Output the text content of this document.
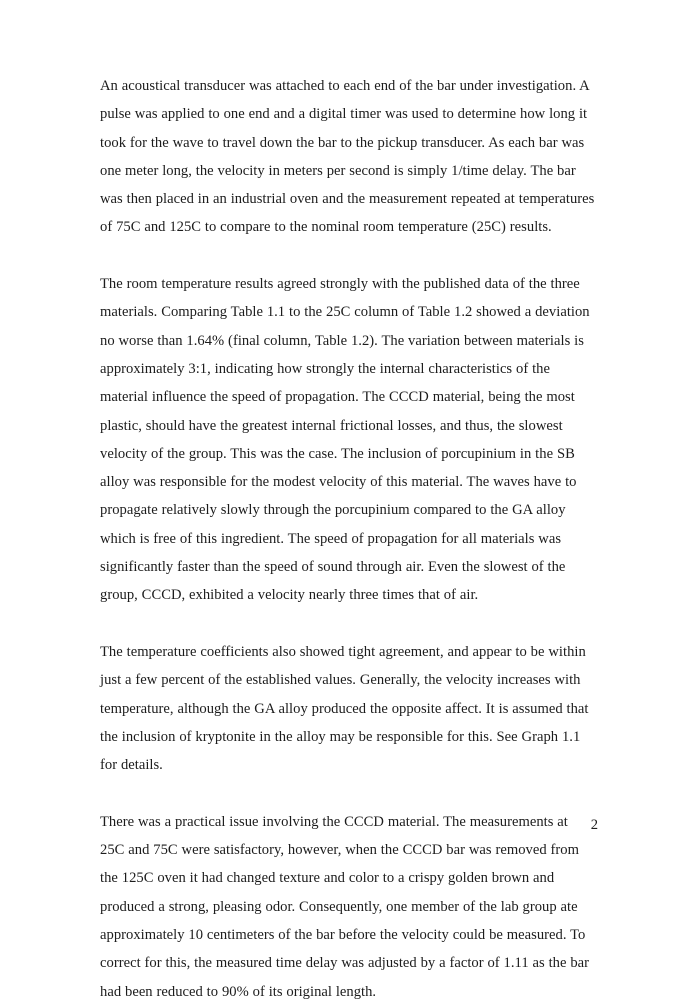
An acoustical transducer was attached to each end of the bar under investigation. A pulse was applied to one end and a digital timer was used to determine how long it took for the wave to travel down the bar to the pickup transducer. As each bar was one meter long, the velocity in meters per second is simply 1/time delay. The bar was then placed in an industrial oven and the measurement repeated at temperatures of 75C and 125C to compare to the nominal room temperature (25C) results.

The room temperature results agreed strongly with the published data of the three materials. Comparing Table 1.1 to the 25C column of Table 1.2 showed a deviation no worse than 1.64% (final column, Table 1.2). The variation between materials is approximately 3:1, indicating how strongly the internal characteristics of the material influence the speed of propagation. The CCCD material, being the most plastic, should have the greatest internal frictional losses, and thus, the slowest velocity of the group. This was the case. The inclusion of porcupinium in the SB alloy was responsible for the modest velocity of this material. The waves have to propagate relatively slowly through the porcupinium compared to the GA alloy which is free of this ingredient. The speed of propagation for all materials was significantly faster than the speed of sound through air. Even the slowest of the group, CCCD, exhibited a velocity nearly three times that of air.

The temperature coefficients also showed tight agreement, and appear to be within just a few percent of the established values. Generally, the velocity increases with temperature, although the GA alloy produced the opposite affect. It is assumed that the inclusion of kryptonite in the alloy may be responsible for this. See Graph 1.1 for details.

There was a practical issue involving the CCCD material. The measurements at 25C and 75C were satisfactory, however, when the CCCD bar was removed from the 125C oven it had changed texture and color to a crispy golden brown and produced a strong, pleasing odor. Consequently, one member of the lab group ate approximately 10 centimeters of the bar before the velocity could be measured. To correct for this, the measured time delay was adjusted by a factor of 1.11 as the bar had been reduced to 90% of its original length.

2
